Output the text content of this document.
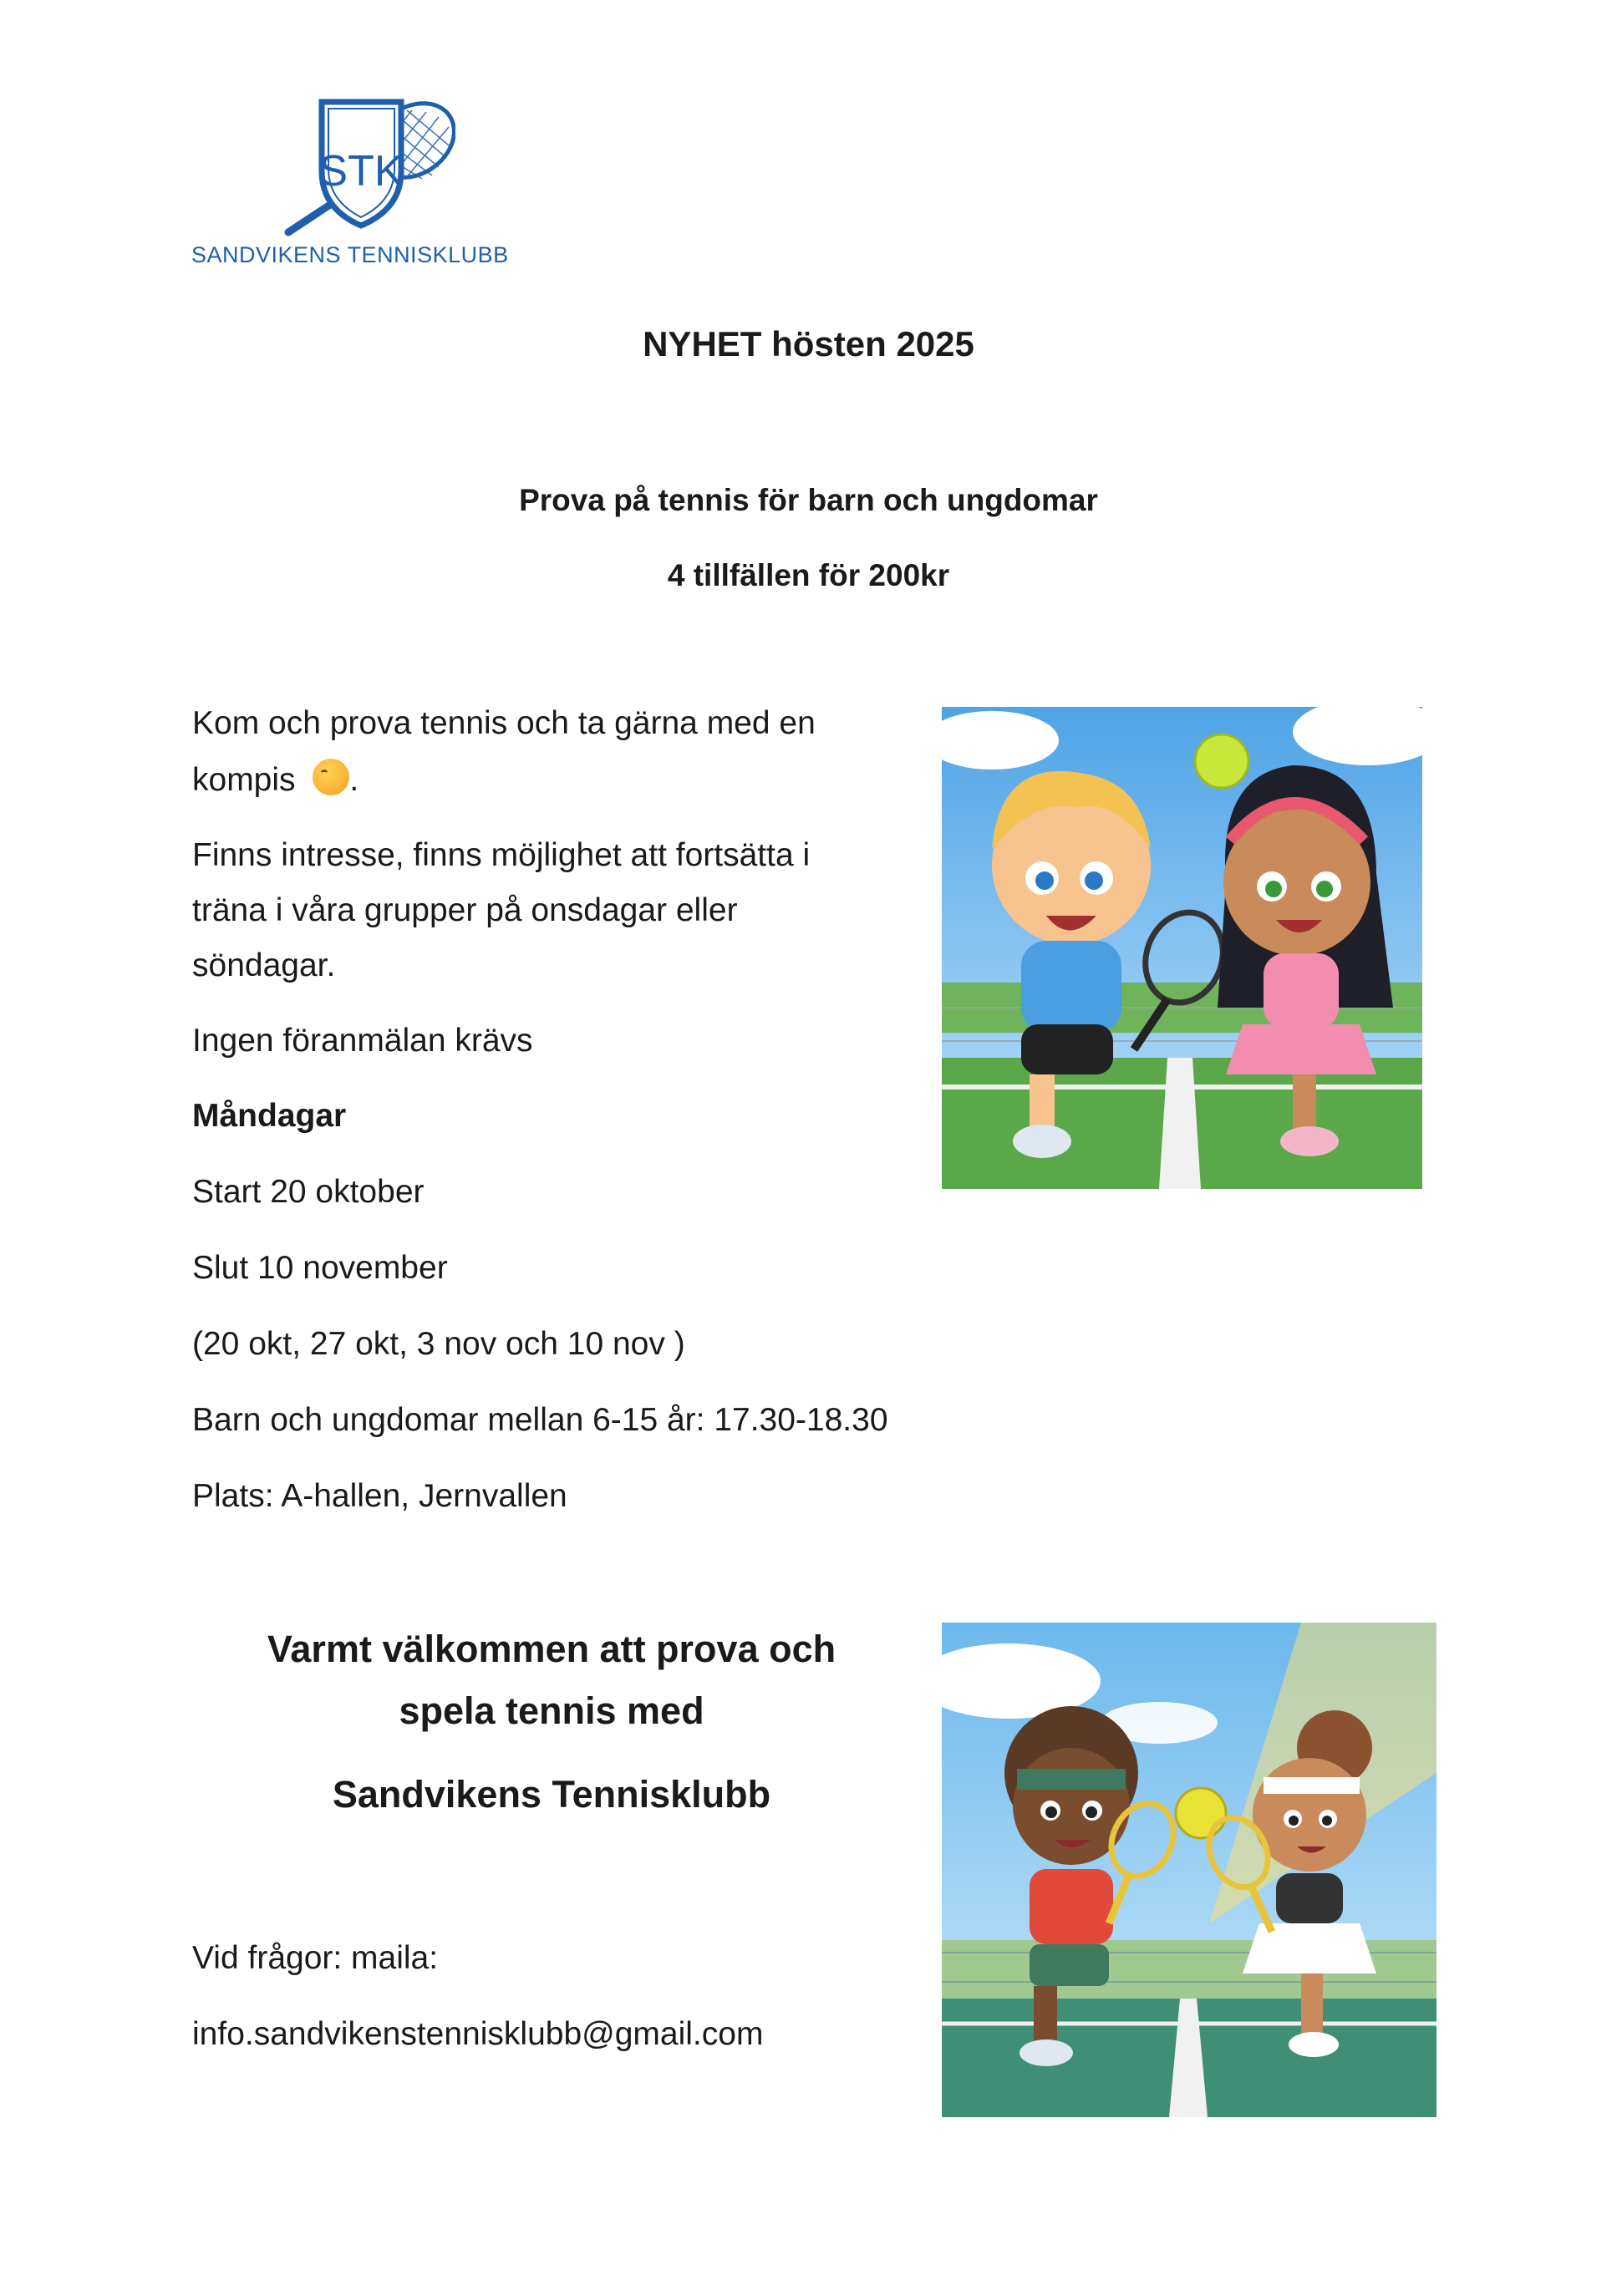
STK
SANDVIKENS TENNISKLUBB
NYHET hösten 2025
Prova på tennis för barn och ungdomar
4 tillfällen för 200kr
Kom och prova tennis och ta gärna med en
kompis .
Finns intresse, finns möjlighet att fortsätta i
träna i våra grupper på onsdagar eller
söndagar.
Ingen föranmälan krävs
Måndagar
Start 20 oktober
Slut 10 november
(20 okt, 27 okt, 3 nov och 10 nov )
Barn och ungdomar mellan 6-15 år: 17.30-18.30
Plats: A-hallen, Jernvallen
Varmt välkommen att prova och
spela tennis med
Sandvikens Tennisklubb
Vid frågor: maila:
info.sandvikenstennisklubb@gmail.com
